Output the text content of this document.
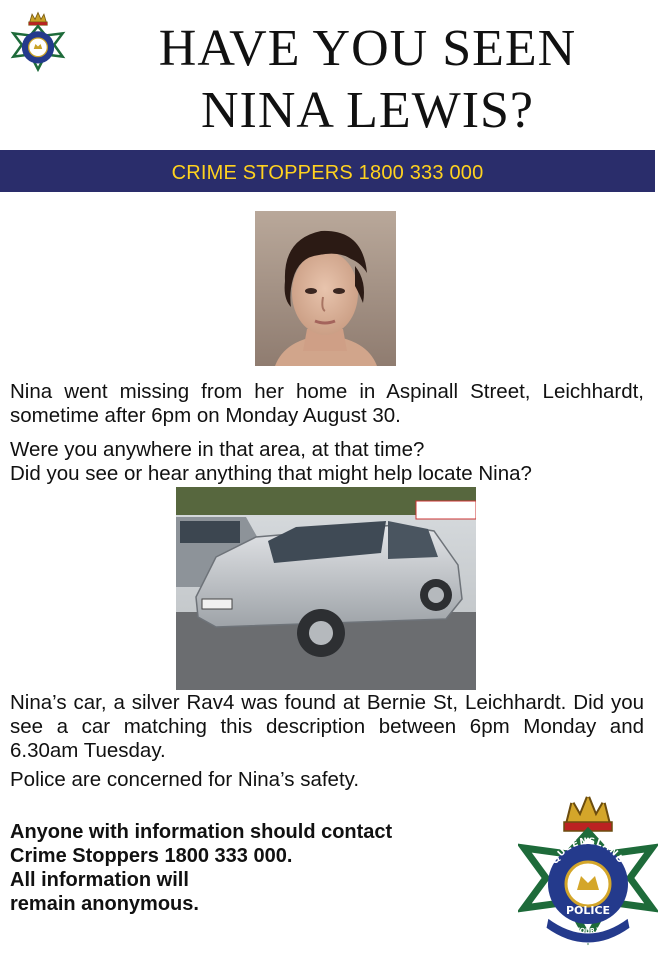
HAVE YOU SEEN
NINA LEWIS?
CRIME STOPPERS 1800 333 000
Nina went missing from her home in Aspinall Street, Leichhardt, sometime after 6pm on Monday August 30.
Were you anywhere in that area, at that time?
Did you see or hear anything that might help locate Nina?
Nina’s car, a silver Rav4 was found at Bernie St, Leichhardt. Did you see a car matching this description between 6pm Monday and 6.30am Tuesday.
Police are concerned for Nina’s safety.
Anyone with information should contact
Crime Stoppers 1800 333 000.
All information will
remain anonymous.
QUEENSLAND
POLICE
ITH HONOUR WE SER
